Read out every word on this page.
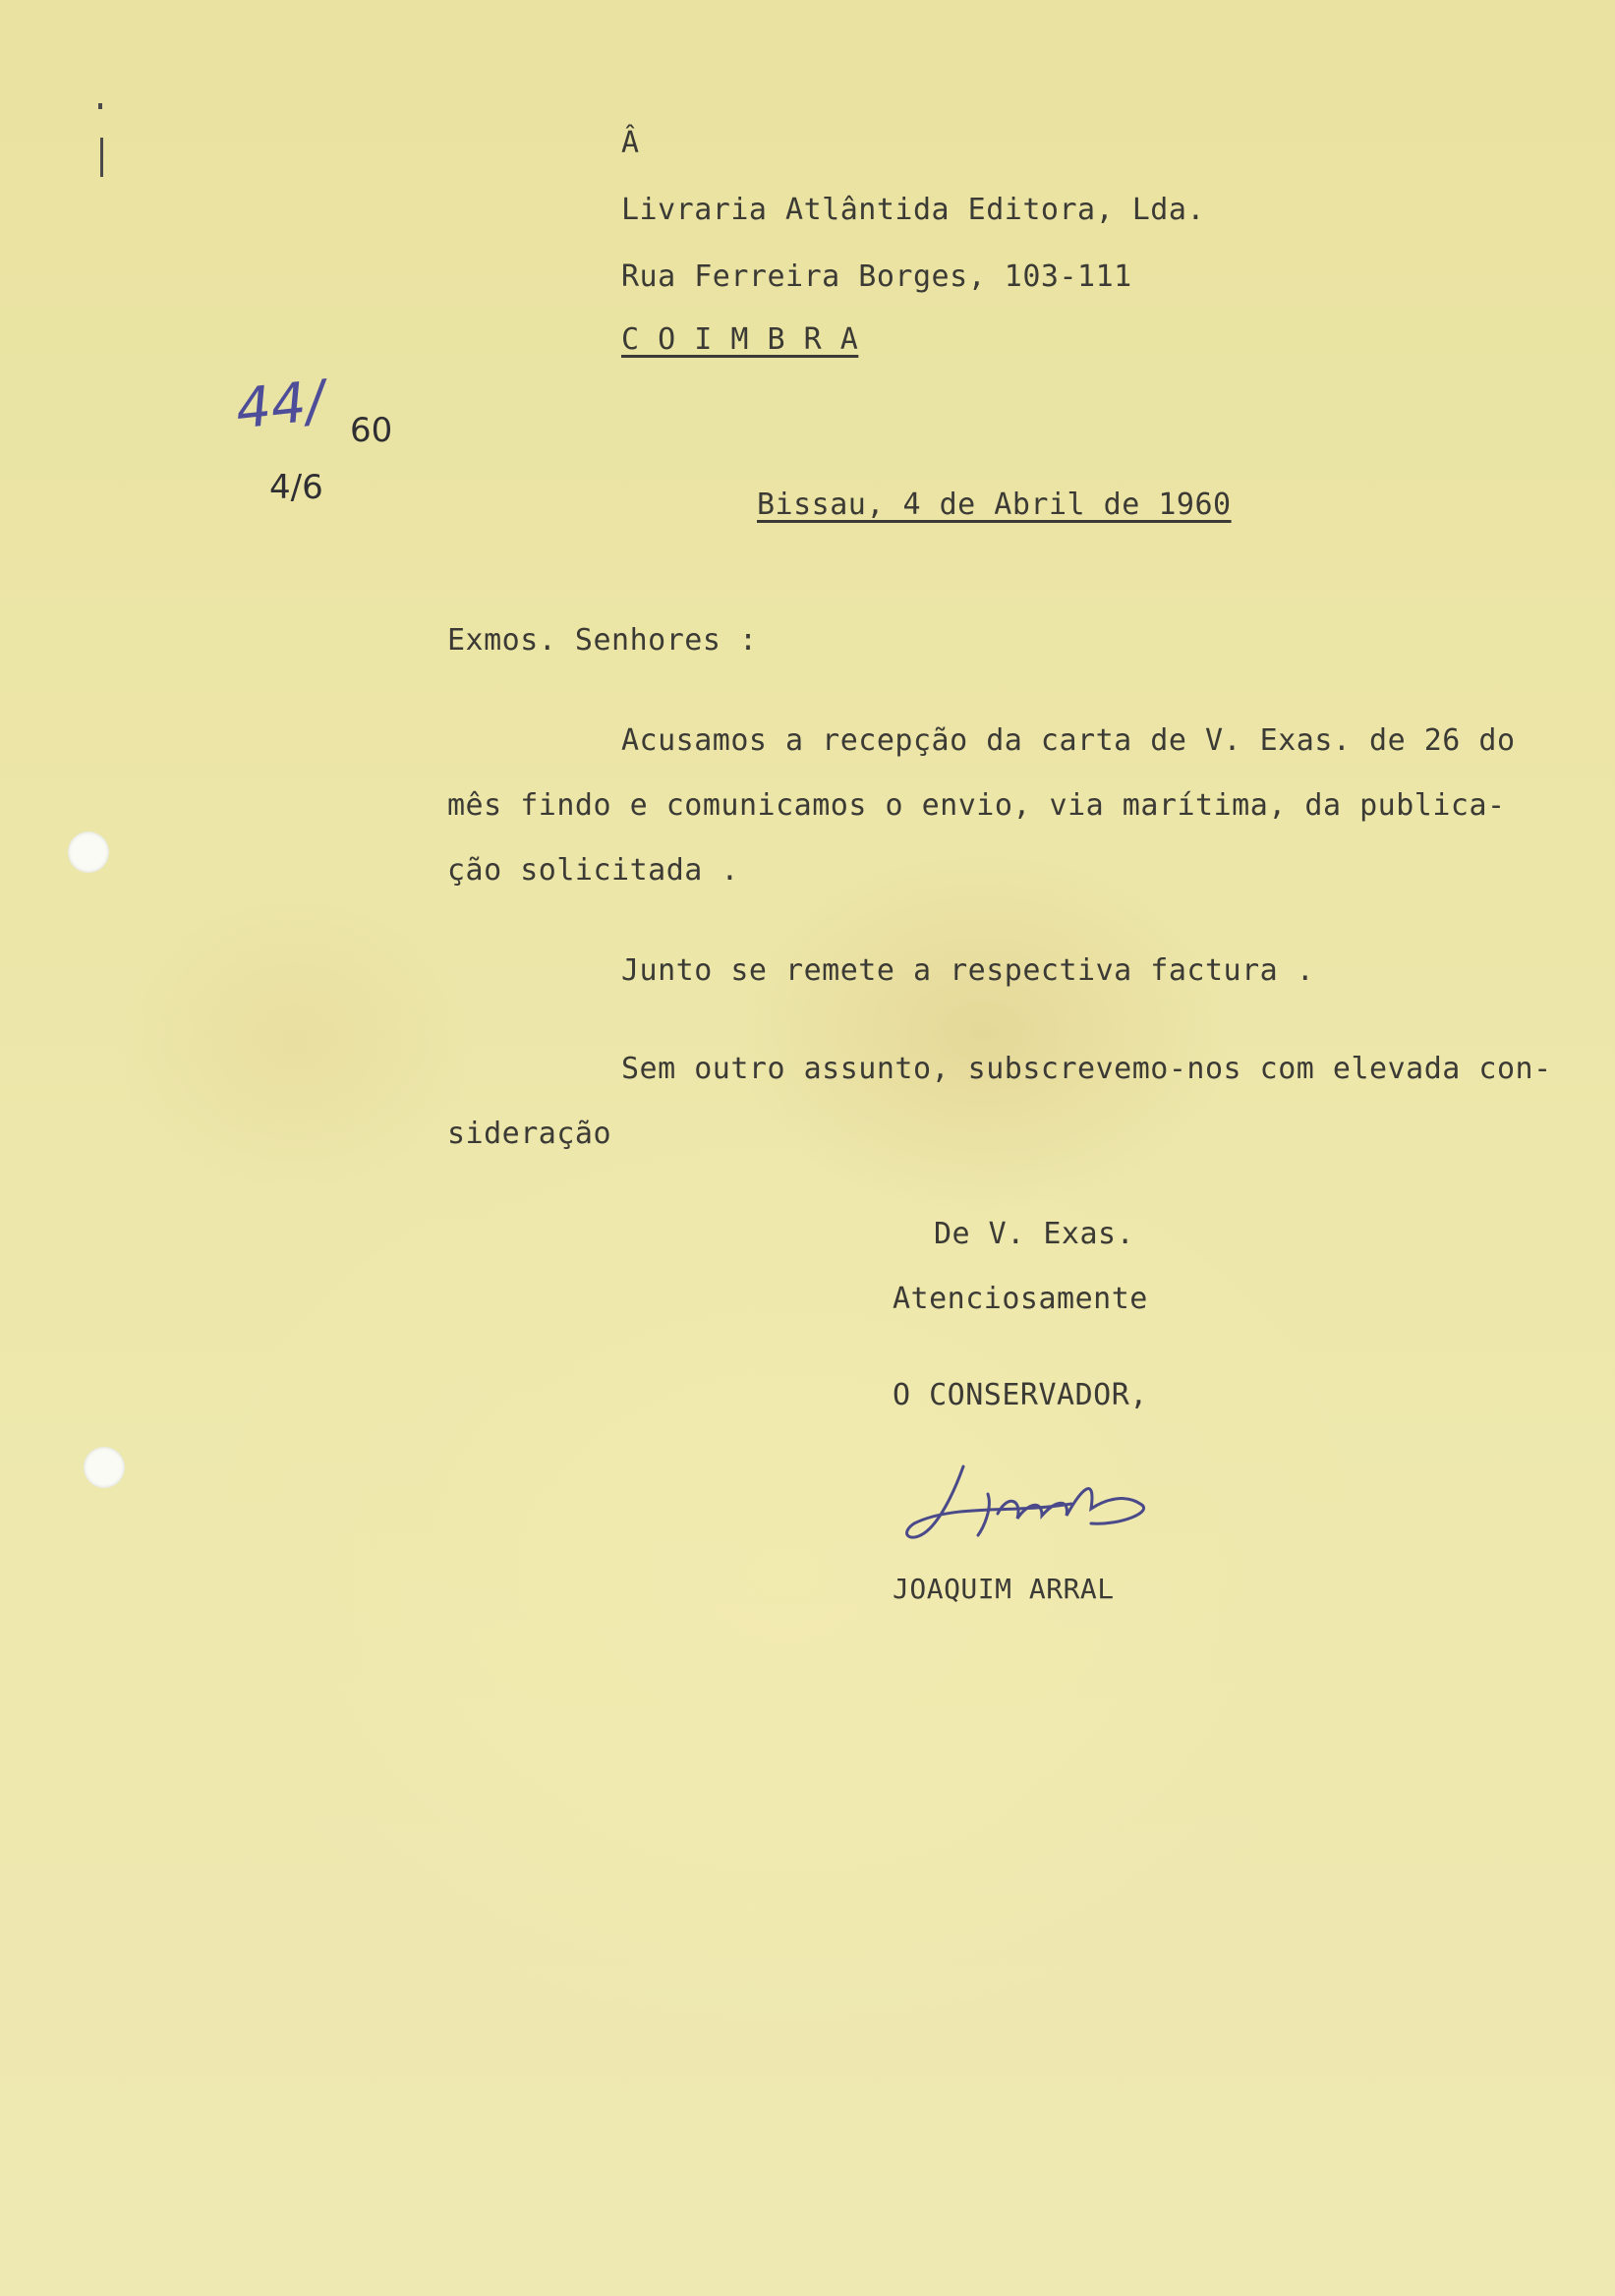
Â
Livraria Atlântida Editora, Lda.
Rua Ferreira Borges, 103-111
C O I M B R A
44/ 60
4/6	Bissau, 4 de Abril de 1960
Exmos. Senhores :
Acusamos a recepção da carta de V. Exas. de 26 do
mês findo e comunicamos o envio, via marítima, da publica-
ção solicitada .
Junto se remete a respectiva factura .
Sem outro assunto, subscrevemo-nos com elevada con-
sideração
De V. Exas.
Atenciosamente
O CONSERVADOR,
JOAQUIM ARRAL
